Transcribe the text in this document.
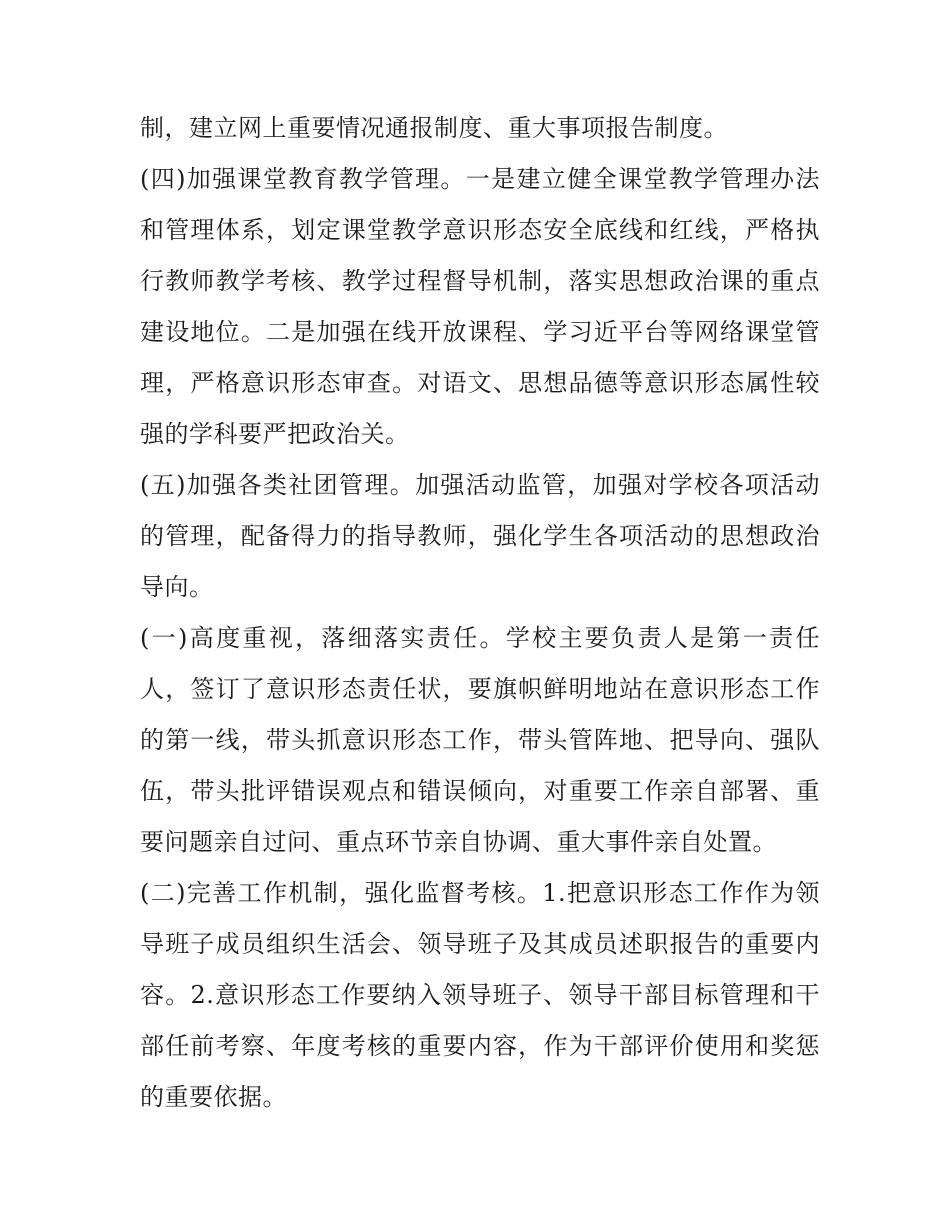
制，建立网上重要情况通报制度、重大事项报告制度。

(四)加强课堂教育教学管理。一是建立健全课堂教学管理办法和管理体系，划定课堂教学意识形态安全底线和红线，严格执行教师教学考核、教学过程督导机制，落实思想政治课的重点建设地位。二是加强在线开放课程、学习近平台等网络课堂管理，严格意识形态审查。对语文、思想品德等意识形态属性较强的学科要严把政治关。

(五)加强各类社团管理。加强活动监管，加强对学校各项活动的管理，配备得力的指导教师，强化学生各项活动的思想政治导向。

(一)高度重视，落细落实责任。学校主要负责人是第一责任人，签订了意识形态责任状，要旗帜鲜明地站在意识形态工作的第一线，带头抓意识形态工作，带头管阵地、把导向、强队伍，带头批评错误观点和错误倾向，对重要工作亲自部署、重要问题亲自过问、重点环节亲自协调、重大事件亲自处置。

(二)完善工作机制，强化监督考核。1.把意识形态工作作为领导班子成员组织生活会、领导班子及其成员述职报告的重要内容。2.意识形态工作要纳入领导班子、领导干部目标管理和干部任前考察、年度考核的重要内容，作为干部评价使用和奖惩的重要依据。
